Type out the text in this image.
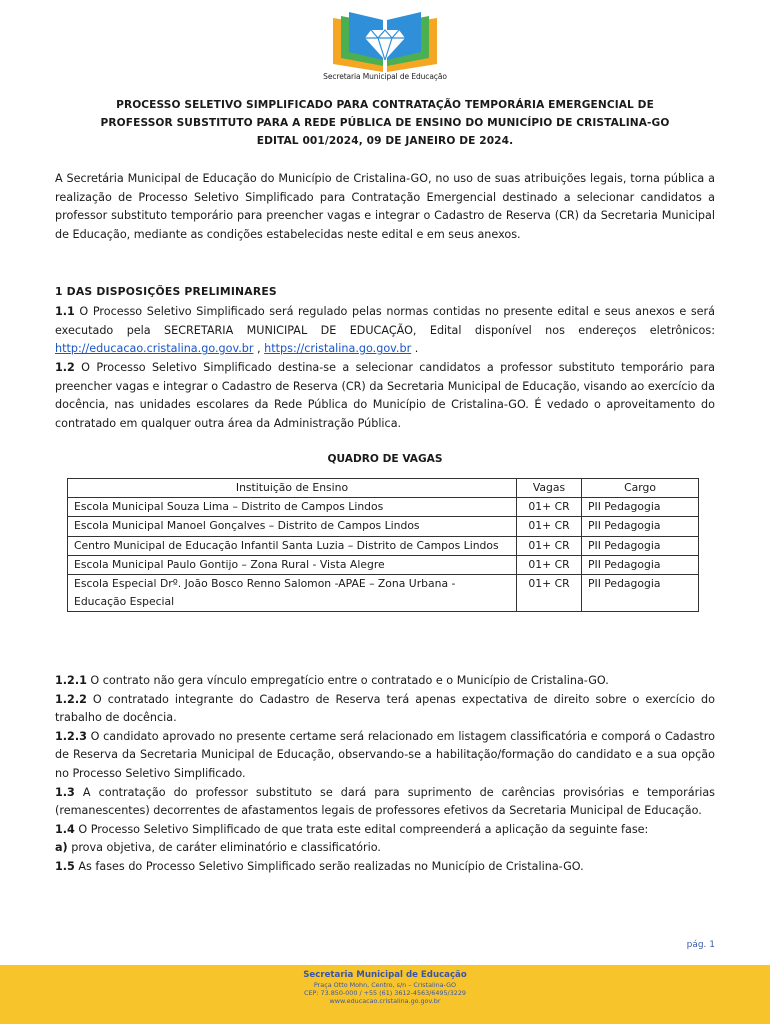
Secretaria Municipal de Educação
PROCESSO SELETIVO SIMPLIFICADO PARA CONTRATAÇÃO TEMPORÁRIA EMERGENCIAL DE
PROFESSOR SUBSTITUTO PARA A REDE PÚBLICA DE ENSINO DO MUNICÍPIO DE CRISTALINA-GO
EDITAL 001/2024, 09 DE JANEIRO DE 2024.
A Secretária Municipal de Educação do Município de Cristalina-GO, no uso de suas atribuições legais, torna pública a realização de Processo Seletivo Simplificado para Contratação Emergencial destinado a selecionar candidatos a professor substituto temporário para preencher vagas e integrar o Cadastro de Reserva (CR) da Secretaria Municipal de Educação, mediante as condições estabelecidas neste edital e em seus anexos.
1 DAS DISPOSIÇÕES PRELIMINARES
1.1 O Processo Seletivo Simplificado será regulado pelas normas contidas no presente edital e seus anexos e será executado pela SECRETARIA MUNICIPAL DE EDUCAÇÃO, Edital disponível nos endereços eletrônicos: http://educacao.cristalina.go.gov.br , https://cristalina.go.gov.br .
1.2 O Processo Seletivo Simplificado destina-se a selecionar candidatos a professor substituto temporário para preencher vagas e integrar o Cadastro de Reserva (CR) da Secretaria Municipal de Educação, visando ao exercício da docência, nas unidades escolares da Rede Pública do Município de Cristalina-GO. É vedado o aproveitamento do contratado em qualquer outra área da Administração Pública.
QUADRO DE VAGAS
Instituição de Ensino	Vagas	Cargo
Escola Municipal Souza Lima – Distrito de Campos Lindos	01+ CR	PII Pedagogia
Escola Municipal Manoel Gonçalves – Distrito de Campos Lindos	01+ CR	PII Pedagogia
Centro Municipal de Educação Infantil Santa Luzia – Distrito de Campos Lindos	01+ CR	PII Pedagogia
Escola Municipal Paulo Gontijo – Zona Rural - Vista Alegre	01+ CR	PII Pedagogia
Escola Especial Drº. João Bosco Renno Salomon -APAE – Zona Urbana - Educação Especial	01+ CR	PII Pedagogia

1.2.1 O contrato não gera vínculo empregatício entre o contratado e o Município de Cristalina-GO.

1.2.2 O contratado integrante do Cadastro de Reserva terá apenas expectativa de direito sobre o exercício do trabalho de docência.

1.2.3 O candidato aprovado no presente certame será relacionado em listagem classificatória e comporá o Cadastro de Reserva da Secretaria Municipal de Educação, observando-se a habilitação/formação do candidato e a sua opção no Processo Seletivo Simplificado.

1.3 A contratação do professor substituto se dará para suprimento de carências provisórias e temporárias (remanescentes) decorrentes de afastamentos legais de professores efetivos da Secretaria Municipal de Educação.

1.4 O Processo Seletivo Simplificado de que trata este edital compreenderá a aplicação da seguinte fase:

a) prova objetiva, de caráter eliminatório e classificatório.

1.5 As fases do Processo Seletivo Simplificado serão realizadas no Município de Cristalina-GO.

pág. 1
Secretaria Municipal de Educação
Praça Otto Mohn, Centro, s/n – Cristalina-GO
CEP: 73.850-000 / +55 (61) 3612-4563/6495/3229
www.educacao.cristalina.go.gov.br
